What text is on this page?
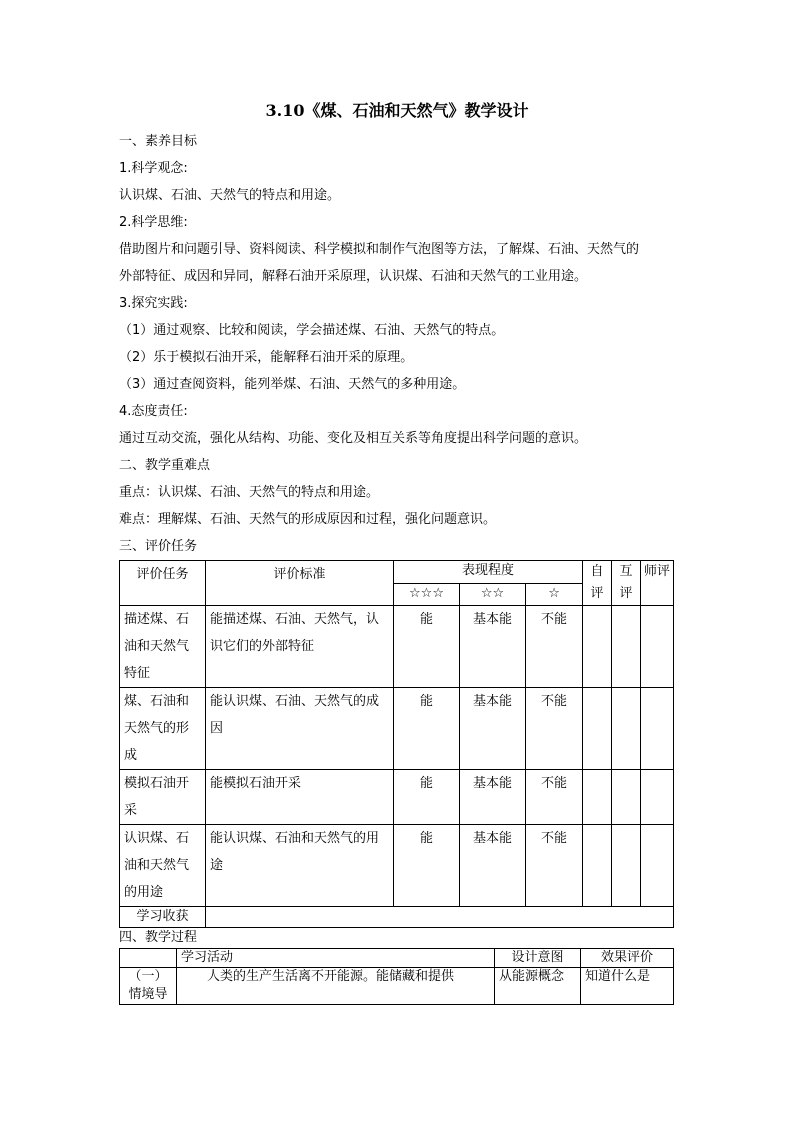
3.10《煤、石油和天然气》教学设计
一、素养目标
1.科学观念:
认识煤、石油、天然气的特点和用途。
2.科学思维:
借助图片和问题引导、资料阅读、科学模拟和制作气泡图等方法，了解煤、石油、天然气的
外部特征、成因和异同，解释石油开采原理，认识煤、石油和天然气的工业用途。
3.探究实践:
（1）通过观察、比较和阅读，学会描述煤、石油、天然气的特点。
（2）乐于模拟石油开采，能解释石油开采的原理。
（3）通过查阅资料，能列举煤、石油、天然气的多种用途。
4.态度责任:
通过互动交流，强化从结构、功能、变化及相互关系等角度提出科学问题的意识。
二、教学重难点
重点：认识煤、石油、天然气的特点和用途。
难点：理解煤、石油、天然气的形成原因和过程，强化问题意识。
三、评价任务
评价任务	评价标准	表现程度			自评	互评	师评
		☆☆☆	☆☆	☆			
描述煤、石油和天然气特征	能描述煤、石油、天然气，认识它们的外部特征	能	基本能	不能			
煤、石油和天然气的形成	能认识煤、石油、天然气的成因	能	基本能	不能			
模拟石油开采	能模拟石油开采	能	基本能	不能			
认识煤、石油和天然气的用途	能认识煤、石油和天然气的用途	能	基本能	不能			
学习收获							
四、教学过程
	学习活动	设计意图	效果评价

（一）情境导	人类的生产生活离不开能源。能储藏和提供	从能源概念	知道什么是
